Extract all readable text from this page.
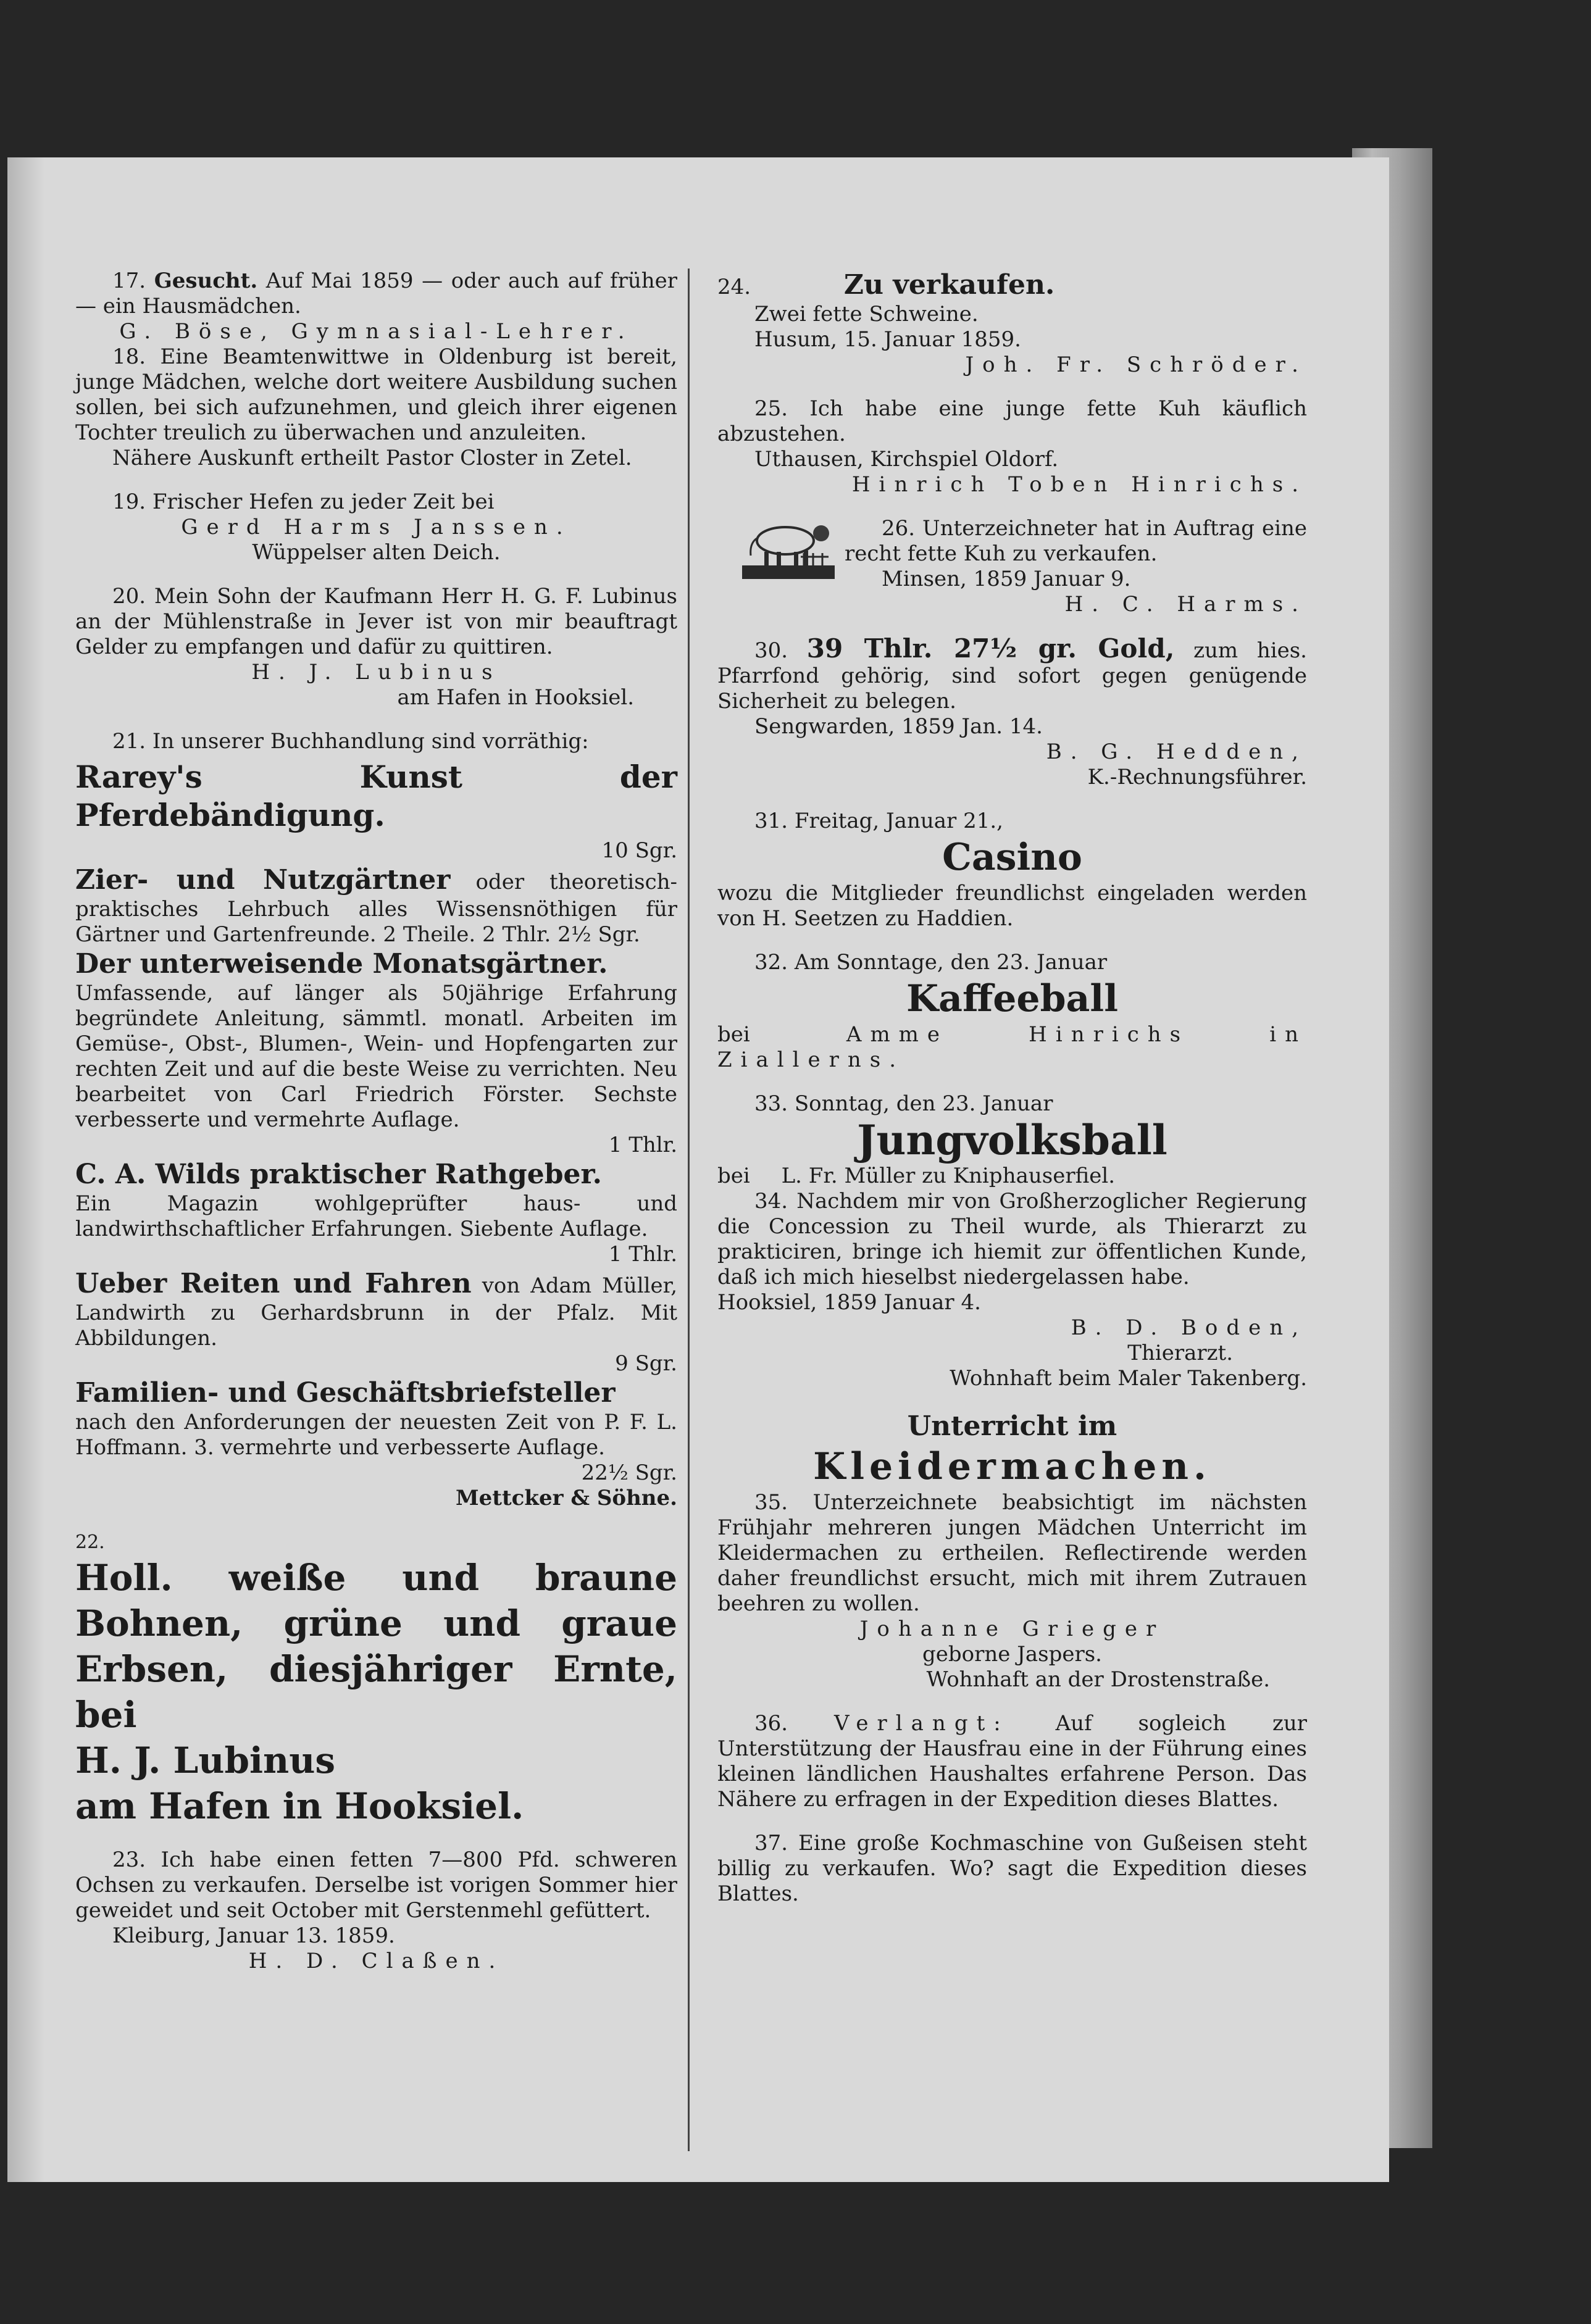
17. Gesucht. Auf Mai 1859 — oder auch auf früher — ein Hausmädchen.

G. Böse, Gymnasial-Lehrer.

18. Eine Beamtenwittwe in Oldenburg ist bereit, junge Mädchen, welche dort weitere Ausbildung suchen sollen, bei sich aufzunehmen, und gleich ihrer eigenen Tochter treulich zu überwachen und anzuleiten.

Nähere Auskunft ertheilt Pastor Closter in Zetel.

19. Frischer Hefen zu jeder Zeit bei

Gerd Harms Janssen.

Wüppelser alten Deich.

20. Mein Sohn der Kaufmann Herr H. G. F. Lubinus an der Mühlenstraße in Jever ist von mir beauftragt Gelder zu empfangen und dafür zu quittiren.

H. J. Lubinus

am Hafen in Hooksiel.

21. In unserer Buchhandlung sind vorräthig:

Rarey's Kunst der Pferdebändigung.

10 Sgr.

Zier- und Nutzgärtner oder theoretisch-praktisches Lehrbuch alles Wissensnöthigen für Gärtner und Gartenfreunde. 2 Theile. 2 Thlr. 2½ Sgr.

Der unterweisende Monatsgärtner.

Umfassende, auf länger als 50jährige Erfahrung begründete Anleitung, sämmtl. monatl. Arbeiten im Gemüse-, Obst-, Blumen-, Wein- und Hopfengarten zur rechten Zeit und auf die beste Weise zu verrichten. Neu bearbeitet von Carl Friedrich Förster. Sechste verbesserte und vermehrte Auflage.

1 Thlr.

C. A. Wilds praktischer Rathgeber.

Ein Magazin wohlgeprüfter haus- und landwirthschaftlicher Erfahrungen. Siebente Auflage.

1 Thlr.

Ueber Reiten und Fahren von Adam Müller, Landwirth zu Gerhardsbrunn in der Pfalz. Mit Abbildungen.

9 Sgr.

Familien- und Geschäftsbriefsteller

nach den Anforderungen der neuesten Zeit von P. F. L. Hoffmann. 3. vermehrte und verbesserte Auflage.

22½ Sgr.

Mettcker & Söhne.

22.

Holl. weiße und braune Bohnen, grüne und graue Erbsen, diesjähriger Ernte, bei

H. J. Lubinus

am Hafen in Hooksiel.

23. Ich habe einen fetten 7—800 Pfd. schweren Ochsen zu verkaufen. Derselbe ist vorigen Sommer hier geweidet und seit October mit Gerstenmehl gefüttert.

Kleiburg, Januar 13. 1859.

H. D. Claßen.

24.	Zu verkaufen.

Zwei fette Schweine.

Husum, 15. Januar 1859.

Joh. Fr. Schröder.

25. Ich habe eine junge fette Kuh käuflich abzustehen.

Uthausen, Kirchspiel Oldorf.

Hinrich Toben Hinrichs.

26. Unterzeichneter hat in Auftrag eine recht fette Kuh zu verkaufen.

Minsen, 1859 Januar 9.

H. C. Harms.

30. 39 Thlr. 27½ gr. Gold, zum hies. Pfarrfond gehörig, sind sofort gegen genügende Sicherheit zu belegen.

Sengwarden, 1859 Jan. 14.

B. G. Hedden,

K.-Rechnungsführer.

31. Freitag, Januar 21.,

Casino

wozu die Mitglieder freundlichst eingeladen werden von H. Seetzen zu Haddien.

32. Am Sonntage, den 23. Januar

Kaffeeball

bei	Amme Hinrichs in Ziallerns.

33. Sonntag, den 23. Januar

Jungvolksball

bei L. Fr. Müller zu Kniphauserfiel.

34. Nachdem mir von Großherzoglicher Regierung die Concession zu Theil wurde, als Thierarzt zu prakticiren, bringe ich hiemit zur öffentlichen Kunde, daß ich mich hieselbst niedergelassen habe.

Hooksiel, 1859 Januar 4.

B. D. Boden,

Thierarzt.

Wohnhaft beim Maler Takenberg.

Unterricht im

Kleidermachen.

35. Unterzeichnete beabsichtigt im nächsten Frühjahr mehreren jungen Mädchen Unterricht im Kleidermachen zu ertheilen. Reflectirende werden daher freundlichst ersucht, mich mit ihrem Zutrauen beehren zu wollen.

Johanne Grieger

geborne Jaspers.

Wohnhaft an der Drostenstraße.

36. Verlangt: Auf sogleich zur Unterstützung der Hausfrau eine in der Führung eines kleinen ländlichen Haushaltes erfahrene Person. Das Nähere zu erfragen in der Expedition dieses Blattes.

37. Eine große Kochmaschine von Gußeisen steht billig zu verkaufen. Wo? sagt die Expedition dieses Blattes.
